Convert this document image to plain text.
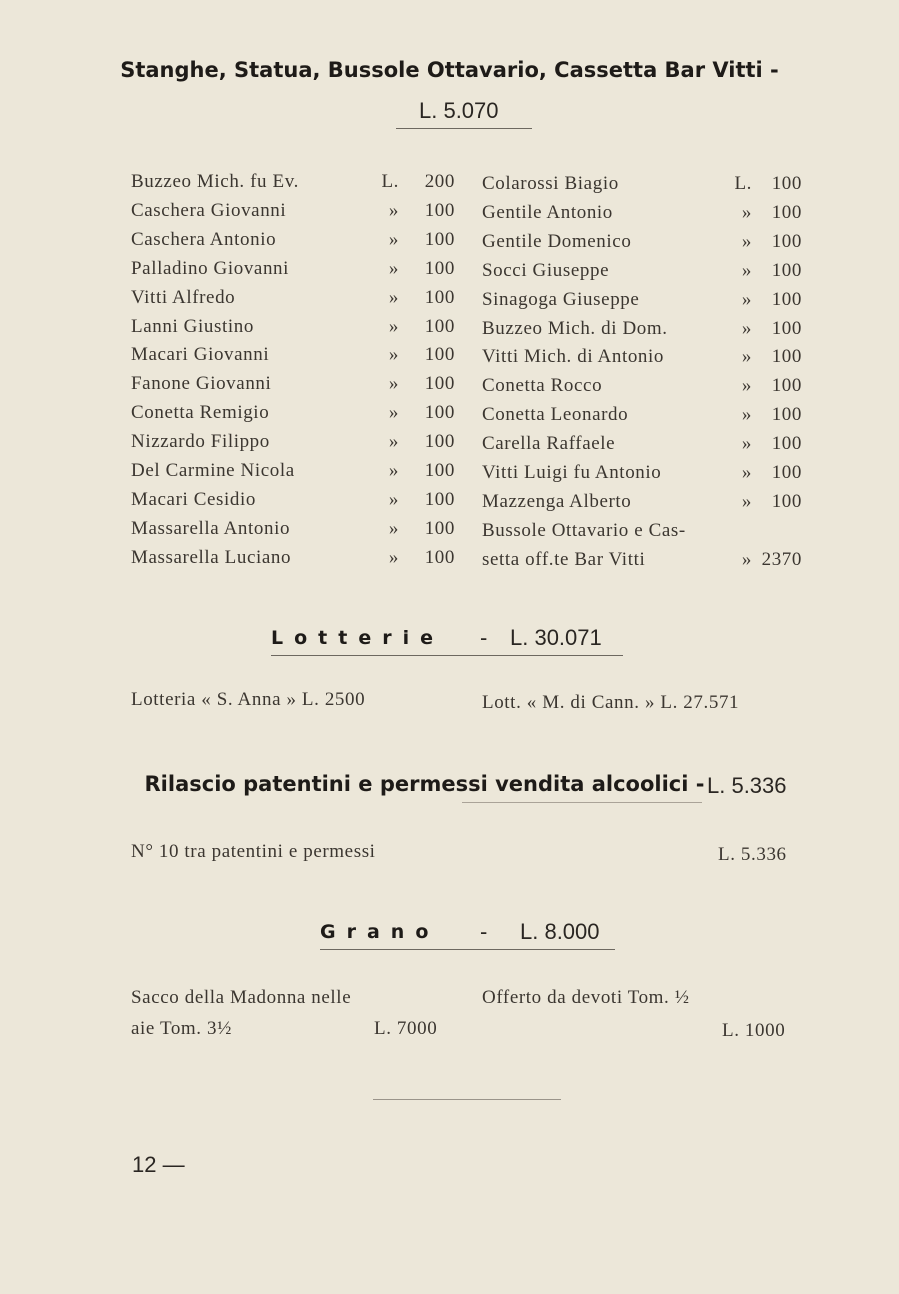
Stanghe, Statua, Bussole Ottavario, Cassetta Bar Vitti -
L. 5.070
Buzzeo Mich. fu Ev.	L.	200
Caschera Giovanni	»	100
Caschera Antonio	»	100
Palladino Giovanni	»	100
Vitti Alfredo	»	100
Lanni Giustino	»	100
Macari Giovanni	»	100
Fanone Giovanni	»	100
Conetta Remigio	»	100
Nizzardo Filippo	»	100
Del Carmine Nicola	»	100
Macari Cesidio	»	100
Massarella Antonio	»	100
Massarella Luciano	»	100
Colarossi Biagio	L.	100
Gentile Antonio	»	100
Gentile Domenico	»	100
Socci Giuseppe	»	100
Sinagoga Giuseppe	»	100
Buzzeo Mich. di Dom.	»	100
Vitti Mich. di Antonio	»	100
Conetta Rocco	»	100
Conetta Leonardo	»	100
Carella Raffaele	»	100
Vitti Luigi fu Antonio	»	100
Mazzenga Alberto	»	100
Bussole Ottavario e Cas-
setta off.te Bar Vitti	» 2370
Lotterie - L. 30.071
Lotteria « S. Anna » L. 2500	Lott. « M. di Cann. » L. 27.571
Rilascio patentini e permessi vendita alcoolici - L. 5.336
N° 10 tra patentini e permessi	L. 5.336
Grano - L. 8.000
Sacco della Madonna nelle
aie Tom. 3½	L. 7000
Offerto da devoti Tom. ½
L. 1000
12 —
